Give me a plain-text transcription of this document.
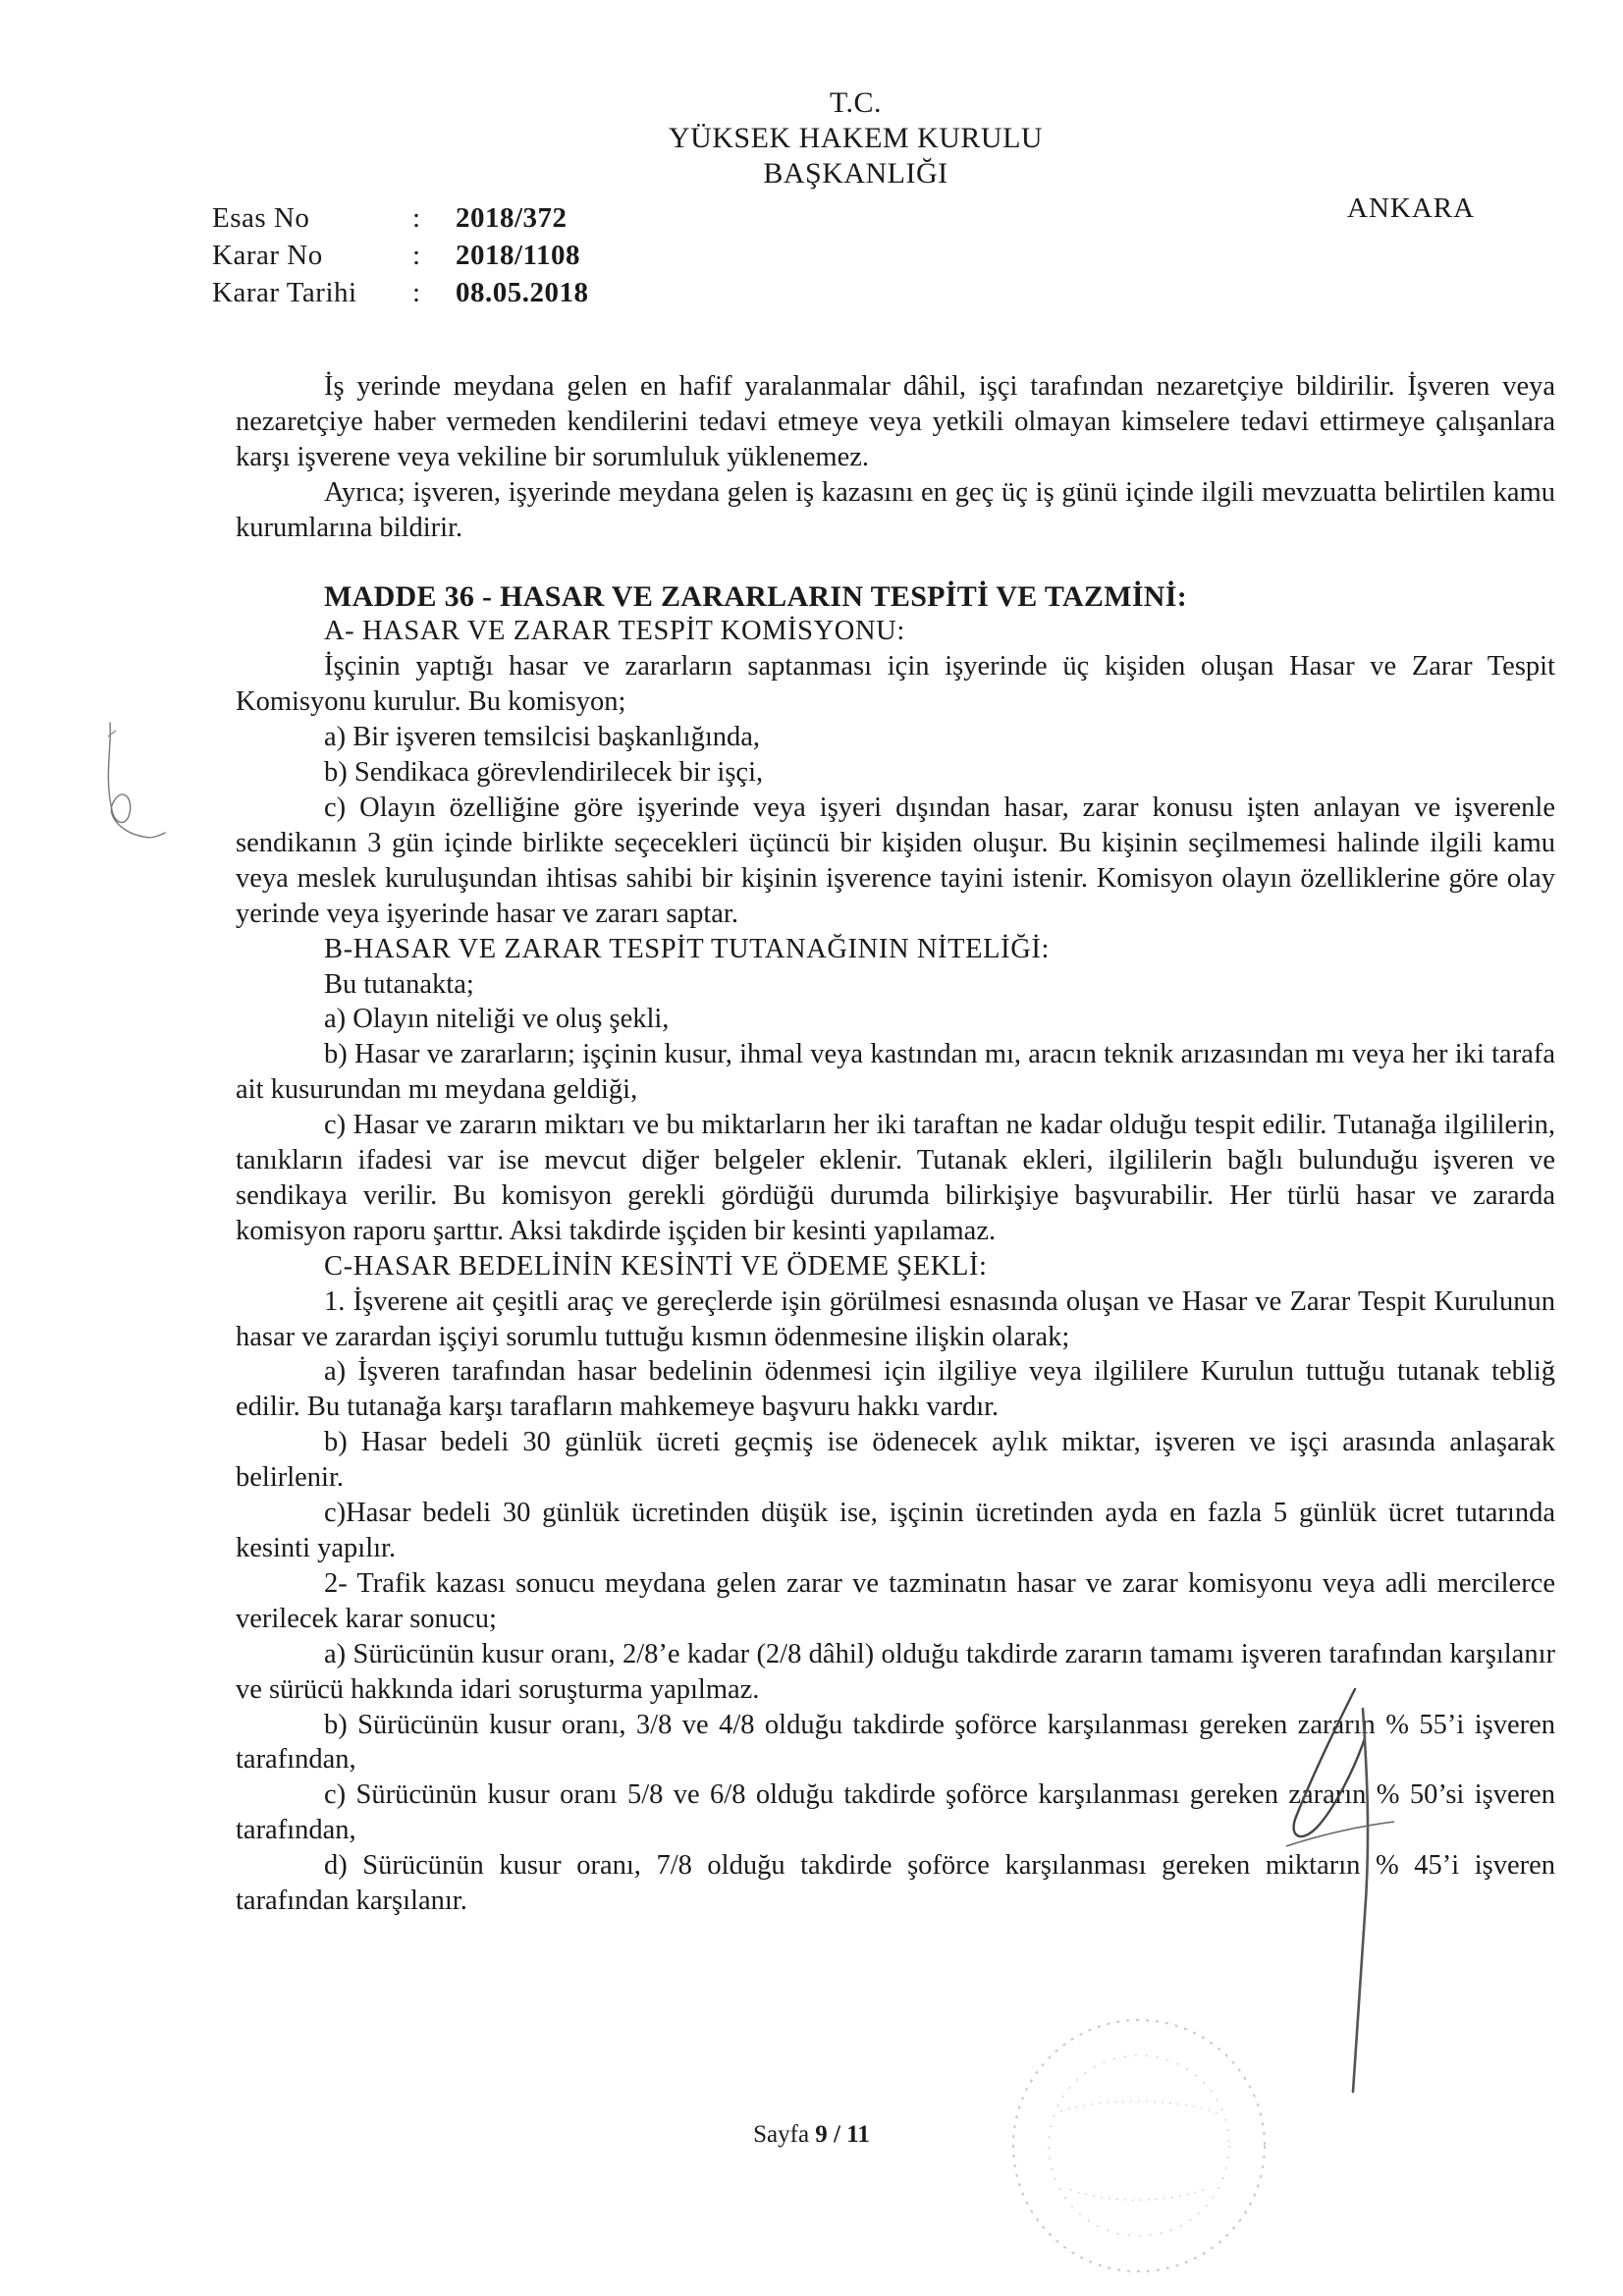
T.C.
YÜKSEK HAKEM KURULU
BAŞKANLIĞI
ANKARA
Esas No	:	2018/372
Karar No	:	2018/1108
Karar Tarihi	:	08.05.2018

İş yerinde meydana gelen en hafif yaralanmalar dâhil, işçi tarafından nezaretçiye bildirilir. İşveren veya nezaretçiye haber vermeden kendilerini tedavi etmeye veya yetkili olmayan kimselere tedavi ettirmeye çalışanlara karşı işverene veya vekiline bir sorumluluk yüklenemez.

Ayrıca; işveren, işyerinde meydana gelen iş kazasını en geç üç iş günü içinde ilgili mevzuatta belirtilen kamu kurumlarına bildirir.

MADDE 36 - HASAR VE ZARARLARIN TESPİTİ VE TAZMİNİ:

A- HASAR VE ZARAR TESPİT KOMİSYONU:

İşçinin yaptığı hasar ve zararların saptanması için işyerinde üç kişiden oluşan Hasar ve Zarar Tespit Komisyonu kurulur. Bu komisyon;

a) Bir işveren temsilcisi başkanlığında,

b) Sendikaca görevlendirilecek bir işçi,

c) Olayın özelliğine göre işyerinde veya işyeri dışından hasar, zarar konusu işten anlayan ve işverenle sendikanın 3 gün içinde birlikte seçecekleri üçüncü bir kişiden oluşur. Bu kişinin seçilmemesi halinde ilgili kamu veya meslek kuruluşundan ihtisas sahibi bir kişinin işverence tayini istenir. Komisyon olayın özelliklerine göre olay yerinde veya işyerinde hasar ve zararı saptar.

B-HASAR VE ZARAR TESPİT TUTANAĞININ NİTELİĞİ:

Bu tutanakta;

a) Olayın niteliği ve oluş şekli,

b) Hasar ve zararların; işçinin kusur, ihmal veya kastından mı, aracın teknik arızasından mı veya her iki tarafa ait kusurundan mı meydana geldiği,

c) Hasar ve zararın miktarı ve bu miktarların her iki taraftan ne kadar olduğu tespit edilir. Tutanağa ilgililerin, tanıkların ifadesi var ise mevcut diğer belgeler eklenir. Tutanak ekleri, ilgililerin bağlı bulunduğu işveren ve sendikaya verilir. Bu komisyon gerekli gördüğü durumda bilirkişiye başvurabilir. Her türlü hasar ve zararda komisyon raporu şarttır. Aksi takdirde işçiden bir kesinti yapılamaz.

C-HASAR BEDELİNİN KESİNTİ VE ÖDEME ŞEKLİ:

1. İşverene ait çeşitli araç ve gereçlerde işin görülmesi esnasında oluşan ve Hasar ve Zarar Tespit Kurulunun hasar ve zarardan işçiyi sorumlu tuttuğu kısmın ödenmesine ilişkin olarak;

a) İşveren tarafından hasar bedelinin ödenmesi için ilgiliye veya ilgililere Kurulun tuttuğu tutanak tebliğ edilir. Bu tutanağa karşı tarafların mahkemeye başvuru hakkı vardır.

b) Hasar bedeli 30 günlük ücreti geçmiş ise ödenecek aylık miktar, işveren ve işçi arasında anlaşarak belirlenir.

c)Hasar bedeli 30 günlük ücretinden düşük ise, işçinin ücretinden ayda en fazla 5 günlük ücret tutarında kesinti yapılır.

2- Trafik kazası sonucu meydana gelen zarar ve tazminatın hasar ve zarar komisyonu veya adli mercilerce verilecek karar sonucu;

a) Sürücünün kusur oranı, 2/8’e kadar (2/8 dâhil) olduğu takdirde zararın tamamı işveren tarafından karşılanır ve sürücü hakkında idari soruşturma yapılmaz.

b) Sürücünün kusur oranı, 3/8 ve 4/8 olduğu takdirde şoförce karşılanması gereken zararın % 55’i işveren tarafından,

c) Sürücünün kusur oranı 5/8 ve 6/8 olduğu takdirde şoförce karşılanması gereken zararın % 50’si işveren tarafından,

d) Sürücünün kusur oranı, 7/8 olduğu takdirde şoförce karşılanması gereken miktarın % 45’i işveren tarafından karşılanır.

Sayfa 9 / 11
